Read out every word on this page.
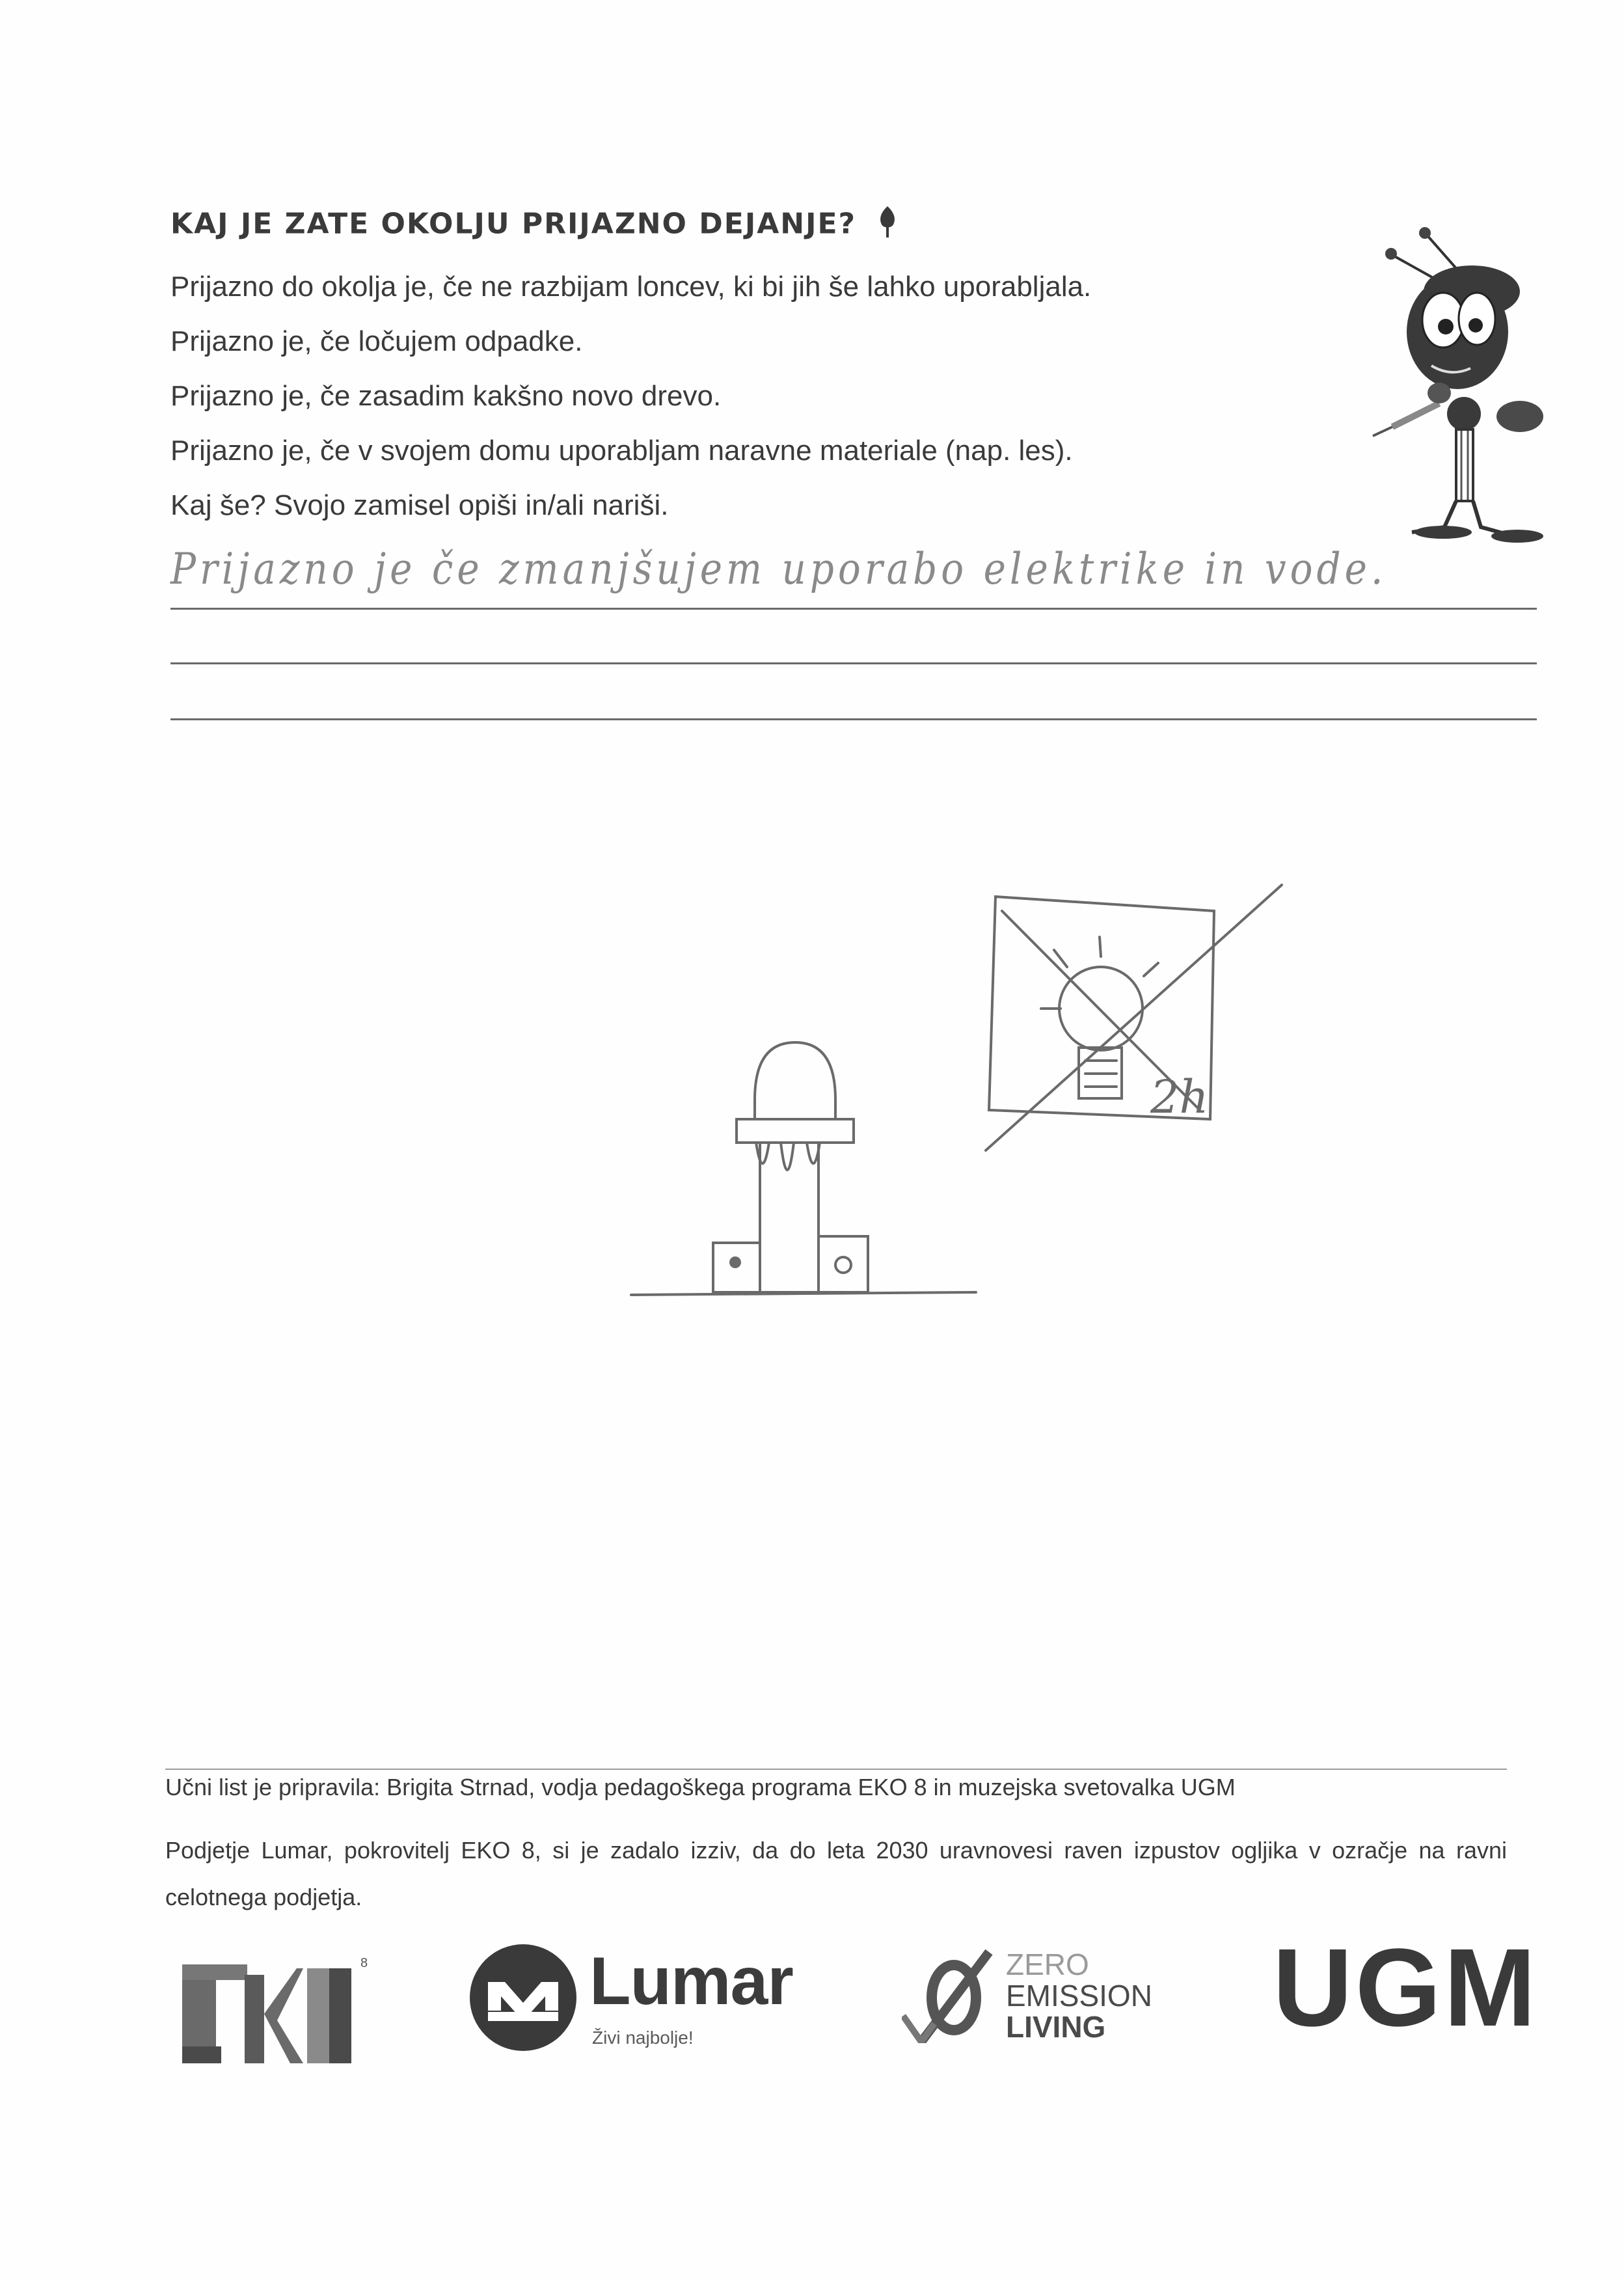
KAJ JE ZATE OKOLJU PRIJAZNO DEJANJE?
Prijazno do okolja je, če ne razbijam loncev, ki bi jih še lahko uporabljala.
Prijazno je, če ločujem odpadke.
Prijazno je, če zasadim kakšno novo drevo.
Prijazno je, če v svojem domu uporabljam naravne materiale (nap. les).
Kaj še? Svojo zamisel opiši in/ali nariši.
Prijazno je če zmanjšujem uporabo elektrike in vode.
2h
Učni list je pripravila: Brigita Strnad, vodja pedagoškega programa EKO 8 in muzejska svetovalka UGM
Podjetje Lumar, pokrovitelj EKO 8, si je zadalo izziv, da do leta 2030 uravnovesi raven izpustov ogljika v ozračje na ravni celotnega podjetja.
8
EKO 8	Lumar
Živi najbolje!
ZERO
EMISSION
LIVING UGM
